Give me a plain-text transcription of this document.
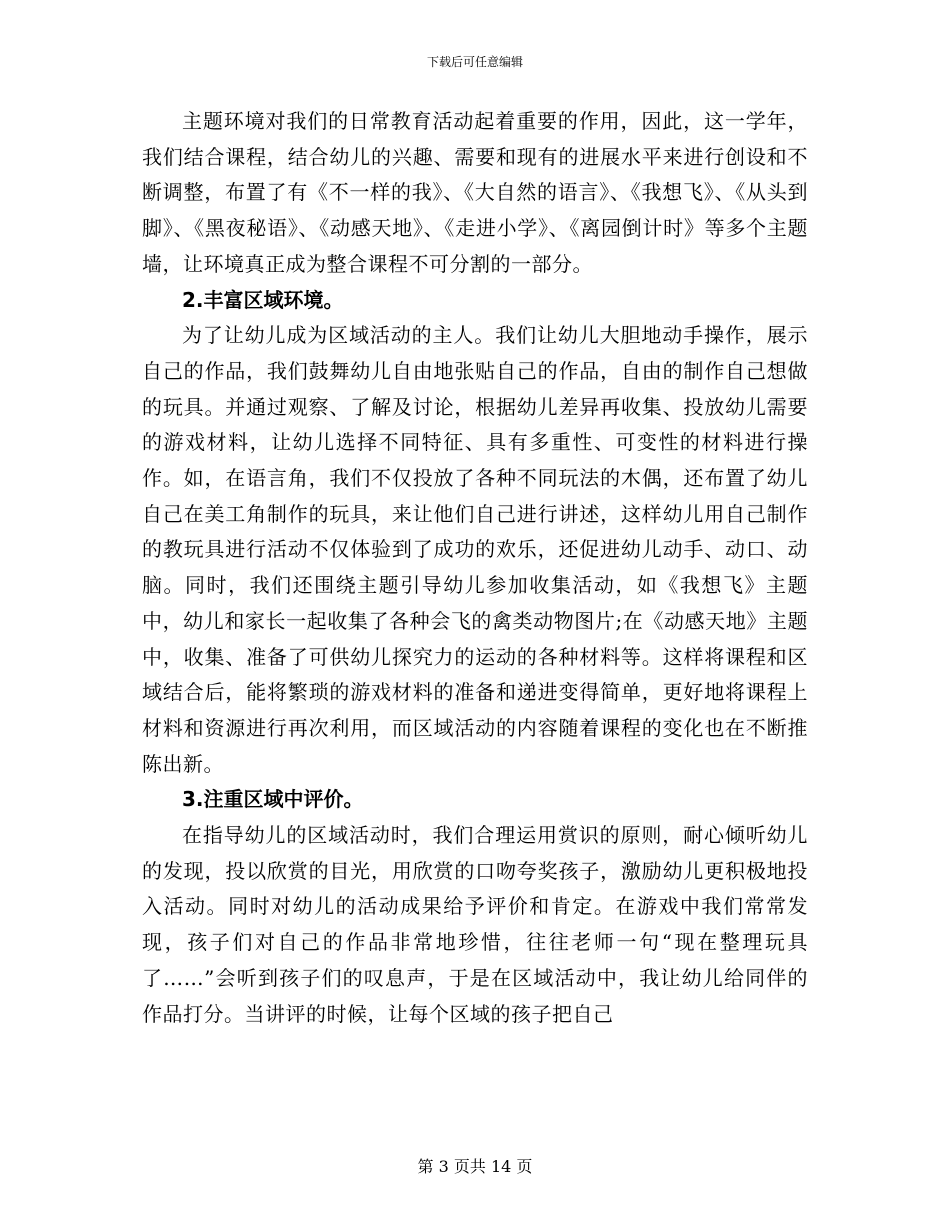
下载后可任意编辑

主题环境对我们的日常教育活动起着重要的作用，因此，这一学年，我们结合课程，结合幼儿的兴趣、需要和现有的进展水平来进行创设和不断调整，布置了有《不一样的我》、《大自然的语言》、《我想飞》、《从头到脚》、《黑夜秘语》、《动感天地》、《走进小学》、《离园倒计时》等多个主题墙，让环境真正成为整合课程不可分割的一部分。

2.丰富区域环境。

为了让幼儿成为区域活动的主人。我们让幼儿大胆地动手操作，展示自己的作品，我们鼓舞幼儿自由地张贴自己的作品，自由的制作自己想做的玩具。并通过观察、了解及讨论，根据幼儿差异再收集、投放幼儿需要的游戏材料，让幼儿选择不同特征、具有多重性、可变性的材料进行操作。如，在语言角，我们不仅投放了各种不同玩法的木偶，还布置了幼儿自己在美工角制作的玩具，来让他们自己进行讲述，这样幼儿用自己制作的教玩具进行活动不仅体验到了成功的欢乐，还促进幼儿动手、动口、动脑。同时，我们还围绕主题引导幼儿参加收集活动，如《我想飞》主题中，幼儿和家长一起收集了各种会飞的禽类动物图片;在《动感天地》主题中，收集、准备了可供幼儿探究力的运动的各种材料等。这样将课程和区域结合后，能将繁琐的游戏材料的准备和递进变得简单，更好地将课程上材料和资源进行再次利用，而区域活动的内容随着课程的变化也在不断推陈出新。

3.注重区域中评价。

在指导幼儿的区域活动时，我们合理运用赏识的原则，耐心倾听幼儿的发现，投以欣赏的目光，用欣赏的口吻夸奖孩子，激励幼儿更积极地投入活动。同时对幼儿的活动成果给予评价和肯定。在游戏中我们常常发现，孩子们对自己的作品非常地珍惜，往往老师一句“现在整理玩具了……”会听到孩子们的叹息声，于是在区域活动中，我让幼儿给同伴的作品打分。当讲评的时候，让每个区域的孩子把自己

第 3 页共 14 页
